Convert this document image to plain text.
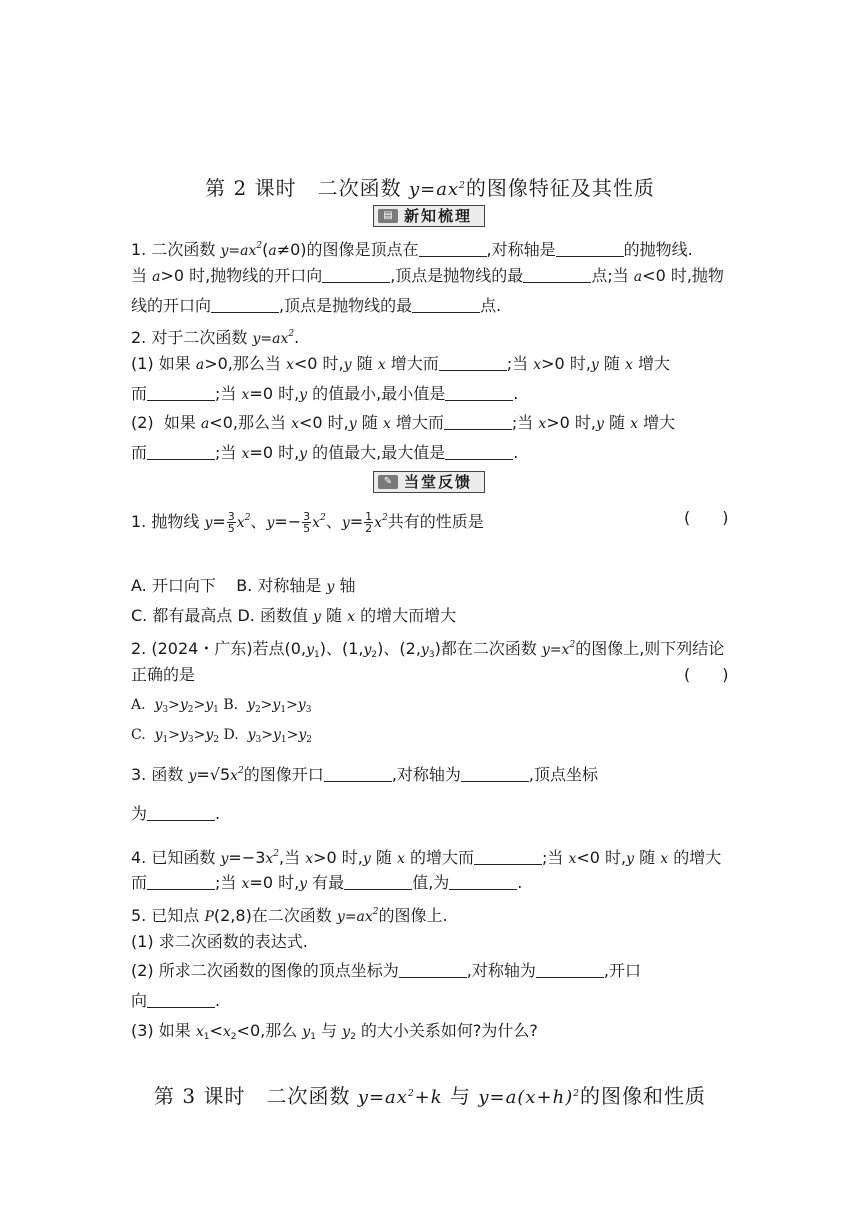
第 2 课时　二次函数 $y=ax^2$的图像特征及其性质
▤ 新知梳理
1. 二次函数 $y=ax^2(a\ne 0)$的图像是顶点在	,对称轴是	的抛物线.
当 a>0 时,抛物线的开口向	,顶点是抛物线的最	点;当 a<0 时,抛物
线的开口向	,顶点是抛物线的最	点.
2. 对于二次函数 $y=ax^2$.
(1) 如果 a>0,那么当 x<0 时,y 随 x 增大而	;当 x>0 时,y 随 x 增大
而	;当 x=0 时,y 的值最小,最小值是	.
(2)  如果 a<0,那么当 x<0 时,y 随 x 增大而	;当 x>0 时,y 随 x 增大
而	;当 x=0 时,y 的值最大,最大值是	.
✎ 当堂反馈
1. 抛物线 $y= \frac{3}{5} x^2$、$y=- \frac{3}{5} x^2$、$y= \frac{1}{2} x^2$共有的性质是	(　　)
A. 开口向下 B. 对称轴是 y 轴
C. 都有最高点 D. 函数值 y 随 x 的增大而增大
2. (2024・广东)若点$(0,y_1)$、$(1,y_2)$、$(2,y_3)$都在二次函数 $y=x^2$的图像上,则下列结论
正确的是	(　　)
A. $y_3>y_2>y_1$ B. $y_2>y_1>y_3$
C. $y_1>y_3>y_2$ D. $y_3>y_1>y_2$
3. 函数 $y=√5x^2$的图像开口	,对称轴为	,顶点坐标
为	.
4. 已知函数 $y=-3x^2$,当 x>0 时,y 随 x 的增大而	;当 x<0 时,y 随 x 的增大
而	;当 x=0 时,y 有最	值,为	.
5. 已知点 P(2,8)在二次函数 $y=ax^2$的图像上.
(1) 求二次函数的表达式.
(2) 所求二次函数的图像的顶点坐标为	,对称轴为	,开口
向	.
(3) 如果 $x_1<x_2<0$,那么 $y_1$ 与 $y_2$ 的大小关系如何?为什么?
第 3 课时　二次函数 $y=ax^2+k$ 与 $y=a(x+h)^2$的图像和性质
